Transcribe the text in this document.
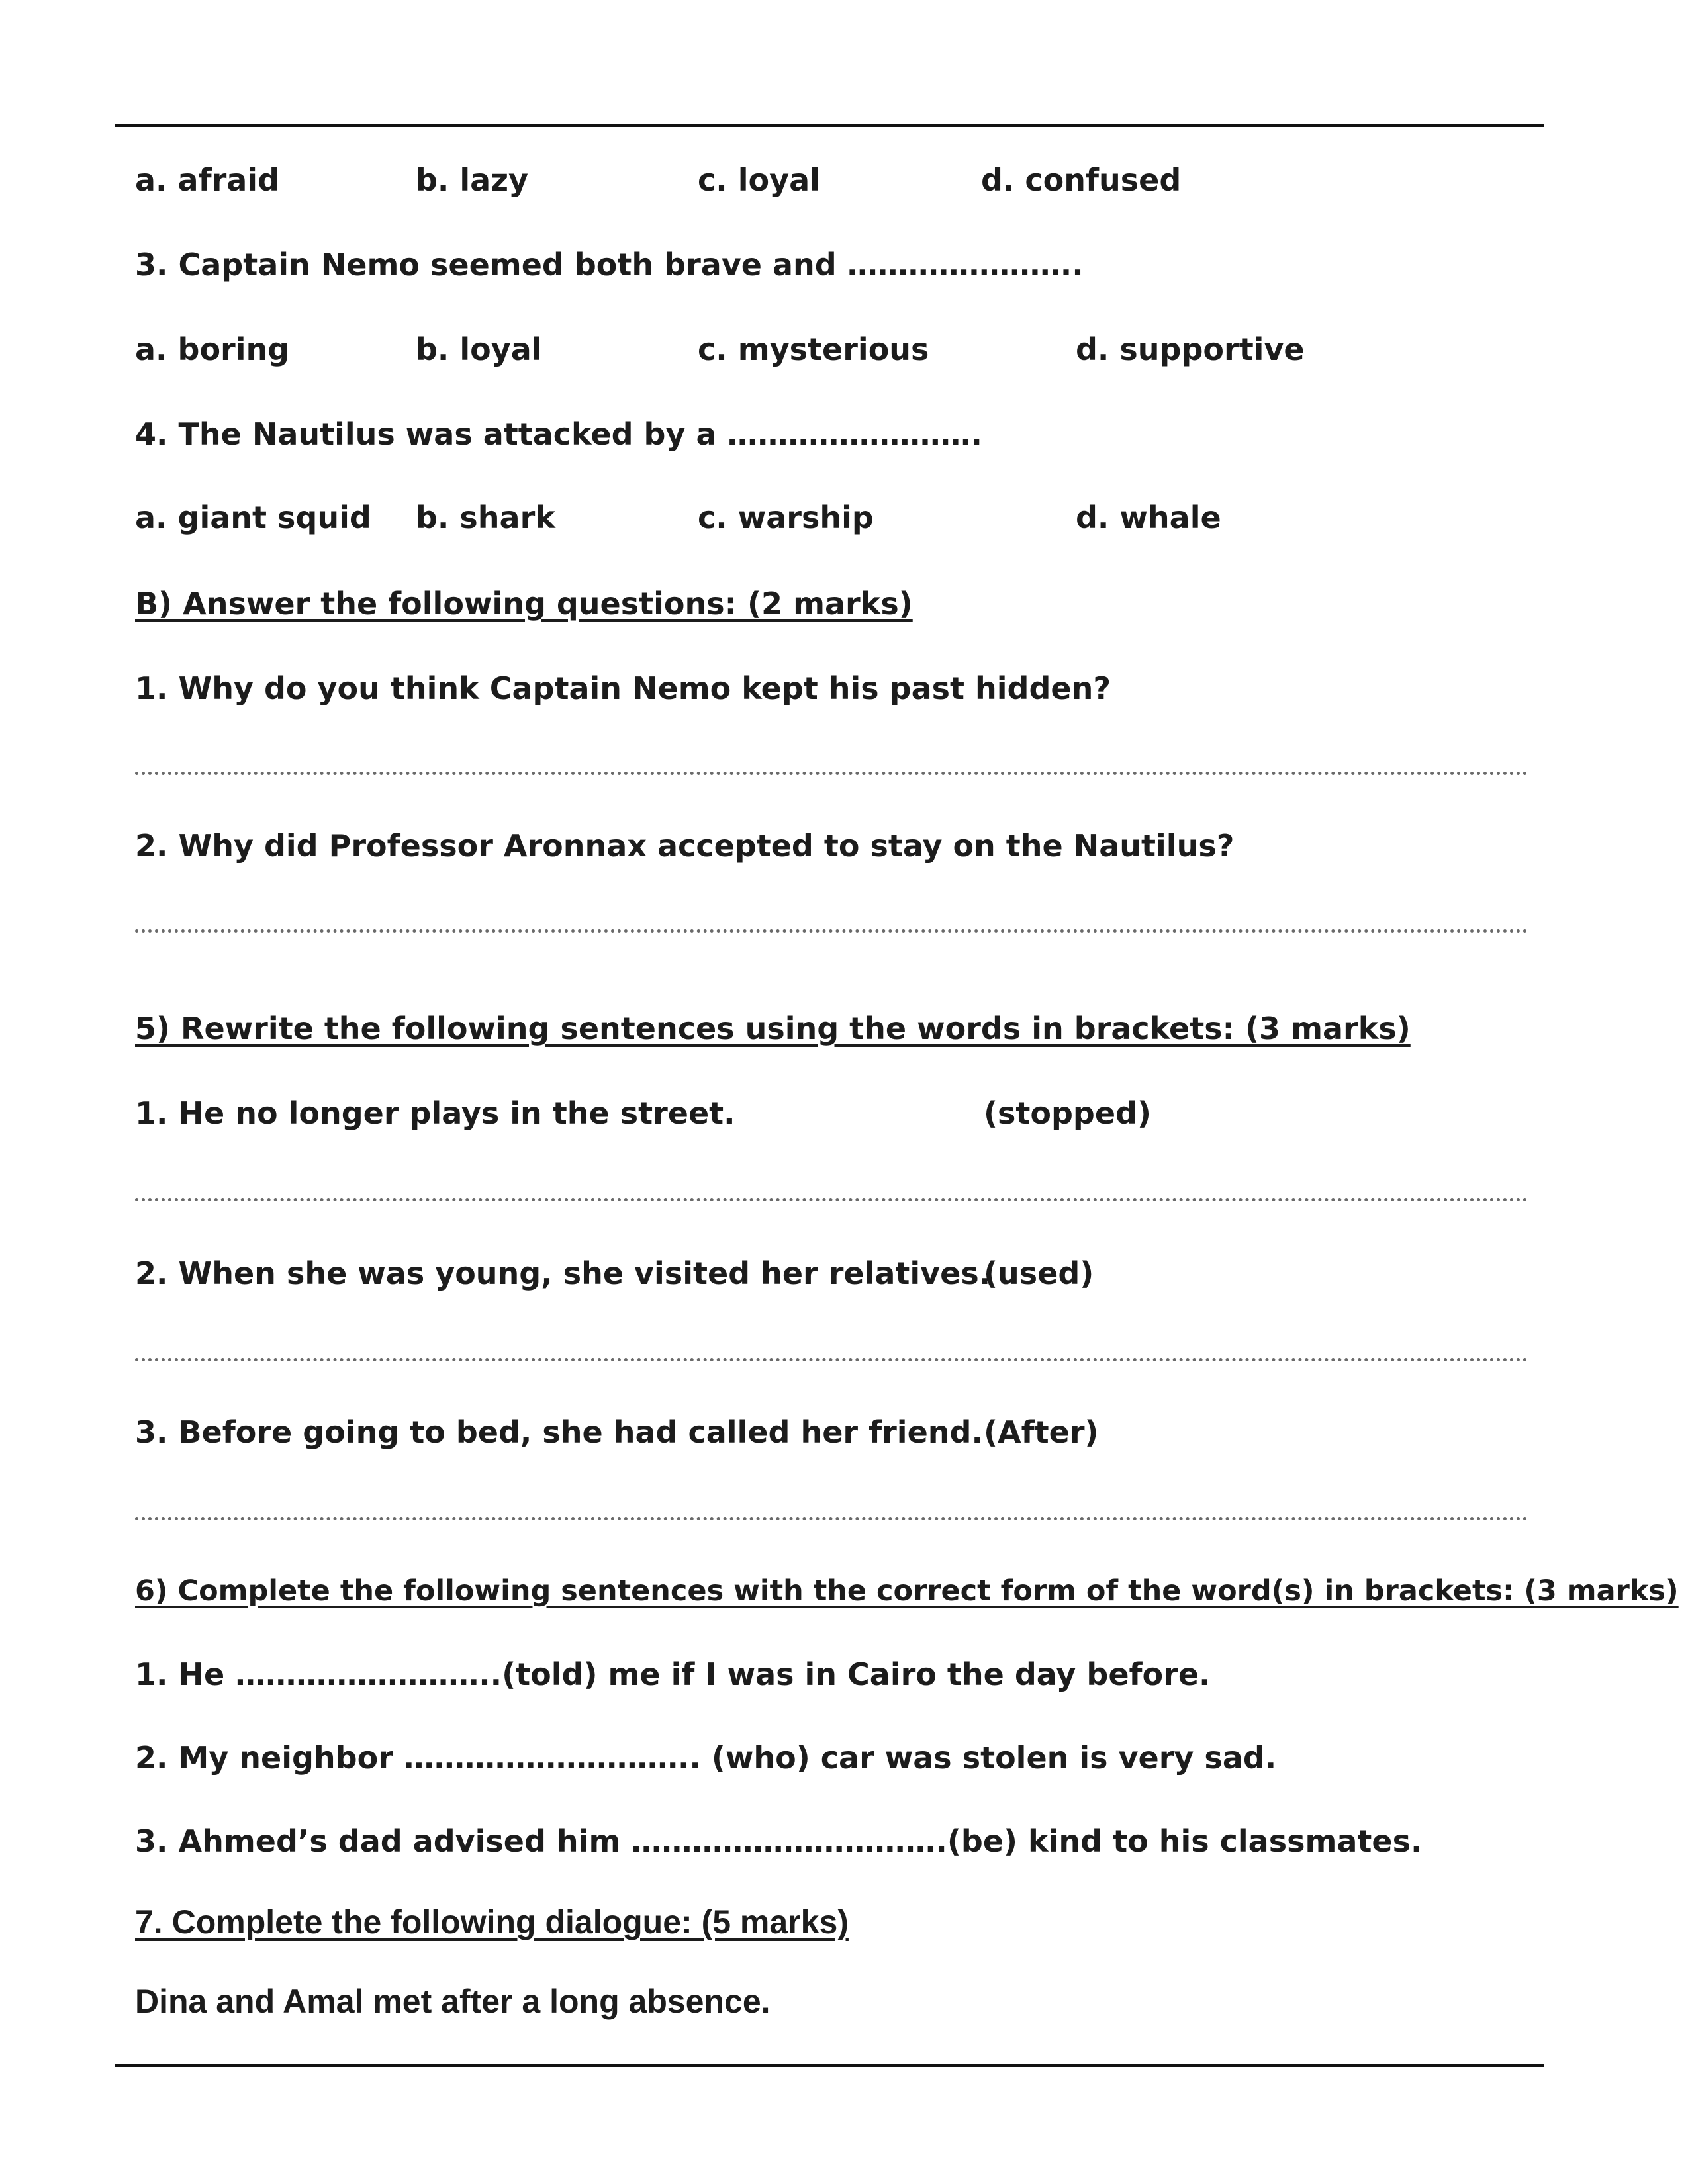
a. afraid	b. lazy	c. loyal	d. confused
3. Captain Nemo seemed both brave and …………………..
a. boring	b. loyal	c. mysterious	d. supportive
4. The Nautilus was attacked by a …………………….
a. giant squid b. shark	c. warship	d. whale
B) Answer the following questions: (2 marks)
1. Why do you think Captain Nemo kept his past hidden?
2. Why did Professor Aronnax accepted to stay on the Nautilus?
5) Rewrite the following sentences using the words in brackets: (3 marks)
1. He no longer plays in the street.	(stopped)
2. When she was young, she visited her relatives.
(used)
3. Before going to bed, she had called her friend. (After)
6) Complete the following sentences with the correct form of the word(s) in brackets: (3 marks)
1. He ……………………..(told) me if I was in Cairo the day before.
2. My neighbor ……………………….. (who) car was stolen is very sad.
3. Ahmed’s dad advised him ………………………….(be) kind to his classmates.
7. Complete the following dialogue: (5 marks)
Dina and Amal met after a long absence.
